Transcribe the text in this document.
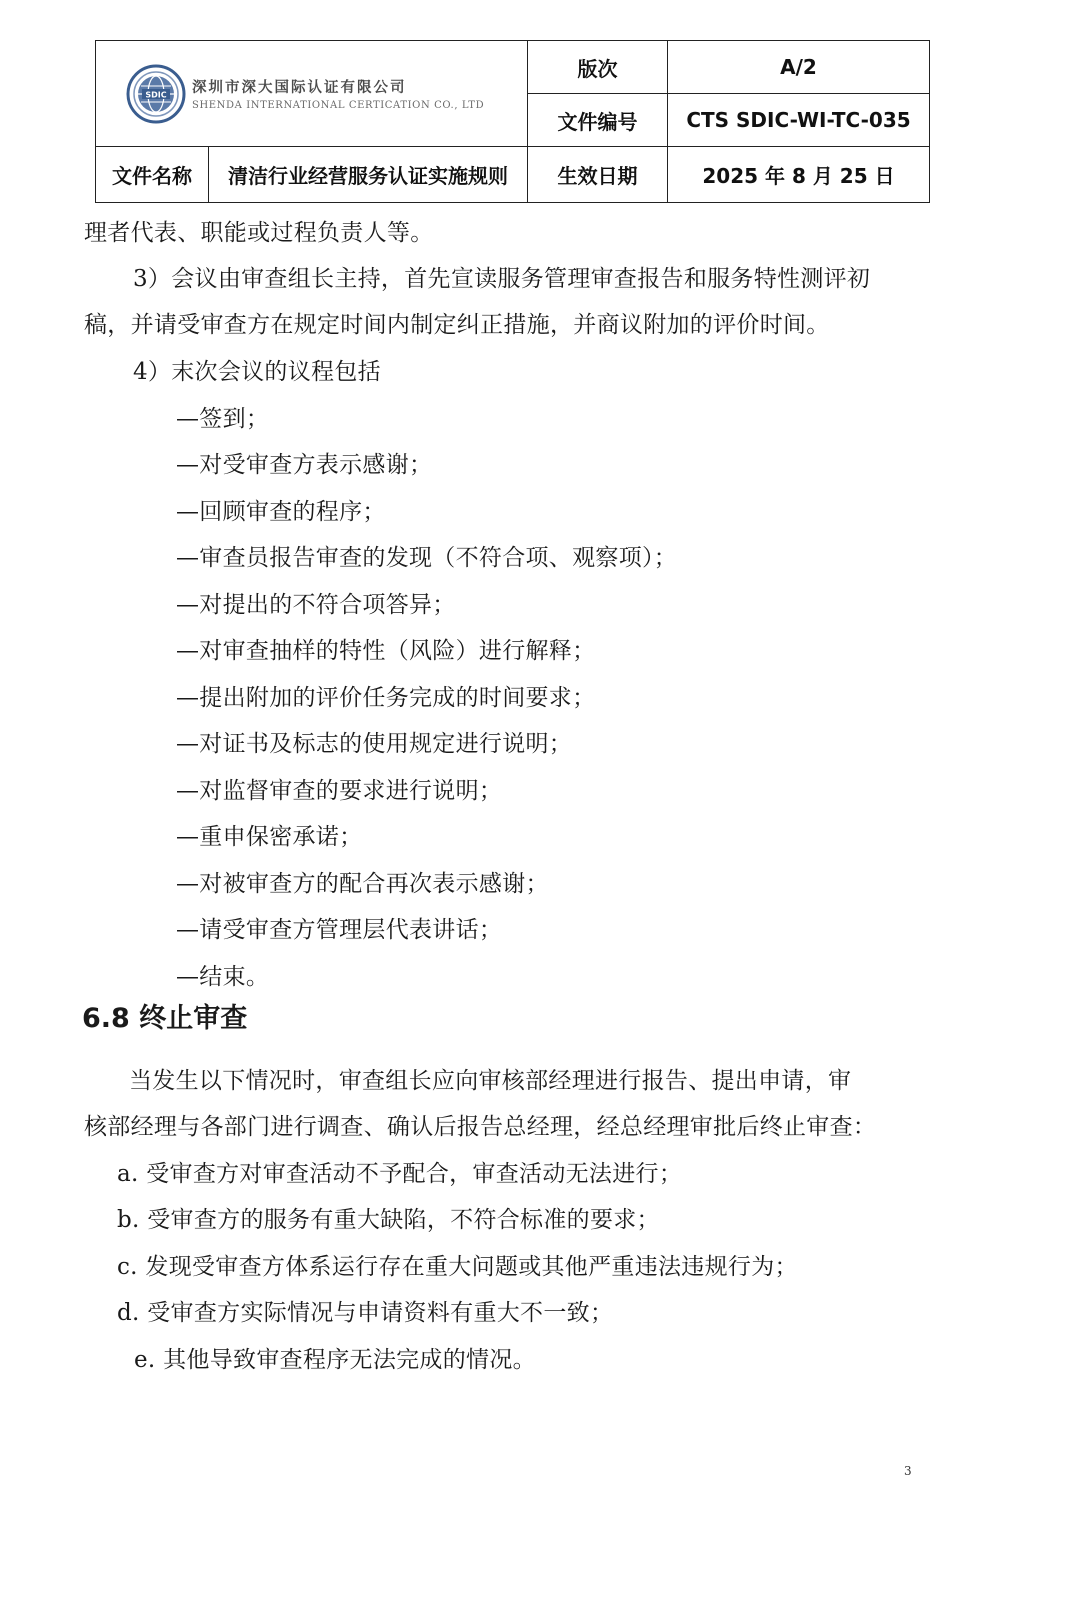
SDIC 深圳市深大国际认证有限公司
SHENDA INTERNATIONAL CERTICATION CO., LTD		版次	A/2
		文件编号	CTS SDIC-WI-TC-035
文件名称	清洁行业经营服务认证实施规则	生效日期	2025 年 8 月 25 日
理者代表、职能或过程负责人等。
3）会议由审查组长主持，首先宣读服务管理审查报告和服务特性测评初
稿，并请受审查方在规定时间内制定纠正措施，并商议附加的评价时间。
4）末次会议的议程包括
—签到；
—对受审查方表示感谢；
—回顾审查的程序；
—审查员报告审查的发现（不符合项、观察项）；
—对提出的不符合项答异；
—对审查抽样的特性（风险）进行解释；
—提出附加的评价任务完成的时间要求；
—对证书及标志的使用规定进行说明；
—对监督审查的要求进行说明；
—重申保密承诺；
—对被审查方的配合再次表示感谢；
—请受审查方管理层代表讲话；
—结束。
6.8 终止审查
当发生以下情况时，审查组长应向审核部经理进行报告、提出申请，审
核部经理与各部门进行调查、确认后报告总经理，经总经理审批后终止审查：
a. 受审查方对审查活动不予配合，审查活动无法进行；
b. 受审查方的服务有重大缺陷，不符合标准的要求；
c. 发现受审查方体系运行存在重大问题或其他严重违法违规行为；
d. 受审查方实际情况与申请资料有重大不一致；
e. 其他导致审查程序无法完成的情况。
3
